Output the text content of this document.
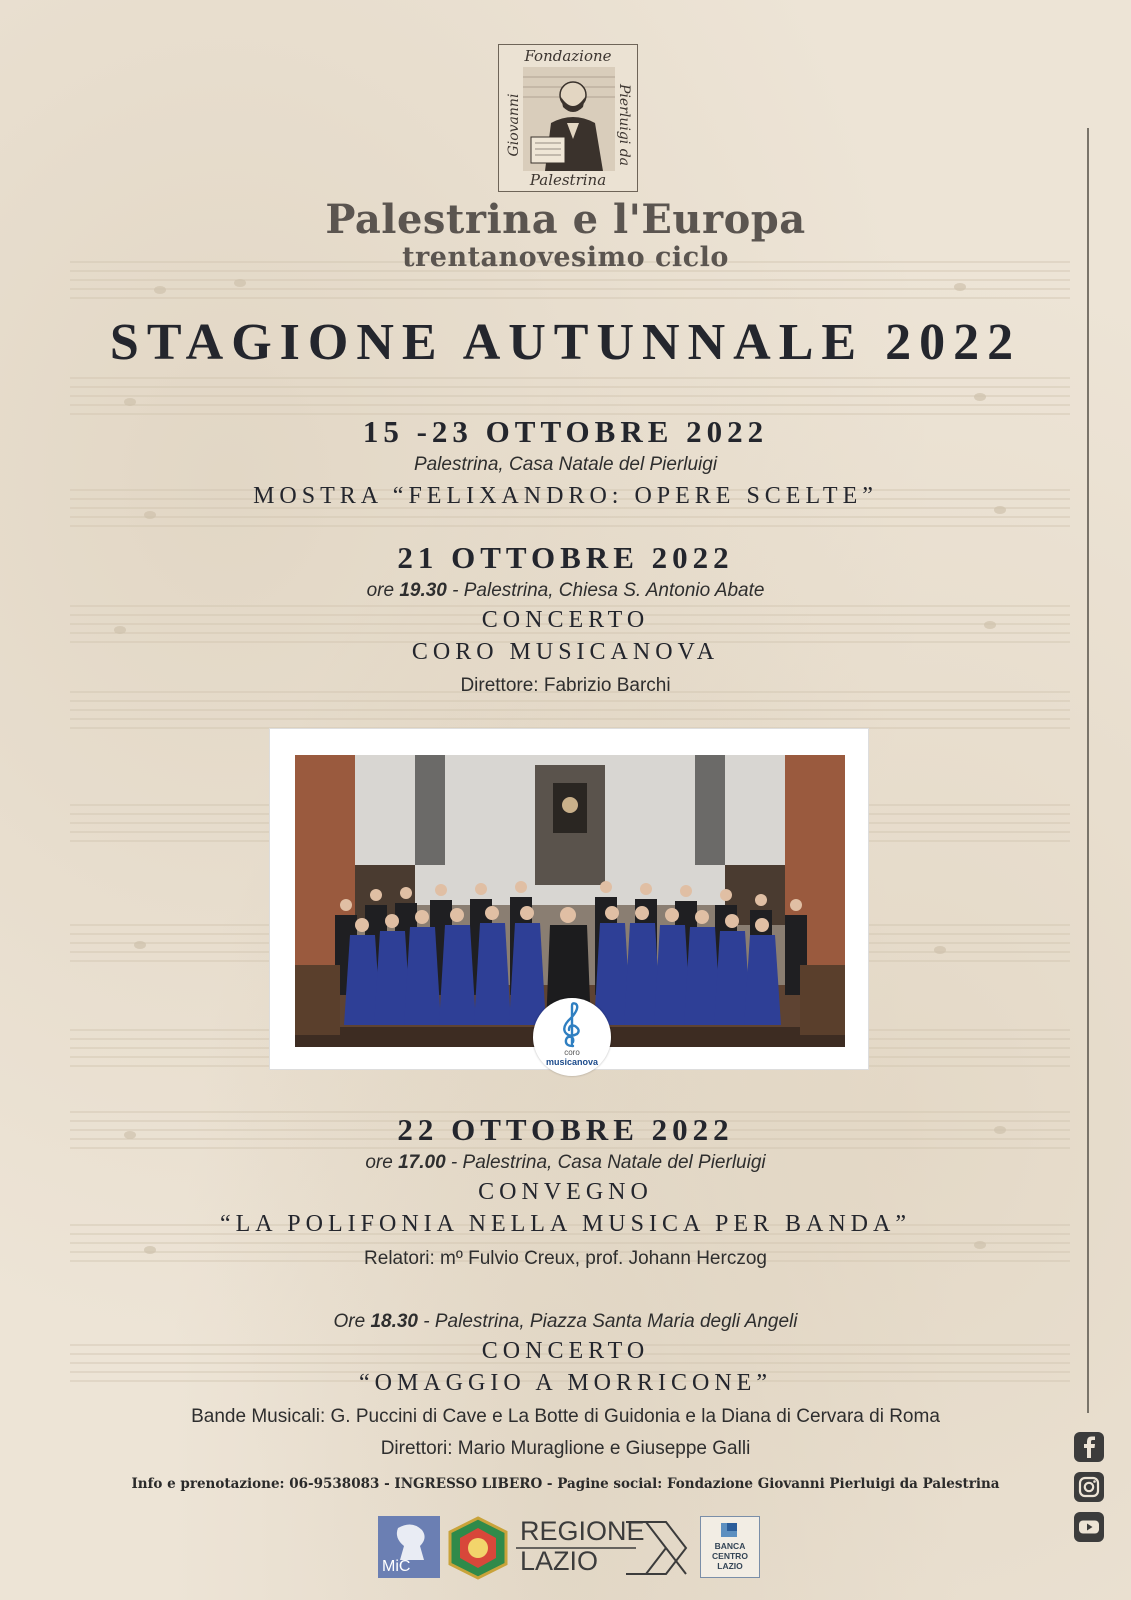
Fondazione
Giovanni	Pierluigi da
Palestrina
Palestrina e l'Europa
trentanovesimo ciclo
STAGIONE AUTUNNALE 2022
15 -23 OTTOBRE 2022
Palestrina, Casa Natale del Pierluigi
MOSTRA “FELIXANDRO: OPERE SCELTE”
21 OTTOBRE 2022
ore 19.30 - Palestrina, Chiesa S. Antonio Abate
CONCERTO
CORO MUSICANOVA
Direttore: Fabrizio Barchi
coro
musicanova
22 OTTOBRE 2022
ore 17.00 - Palestrina, Casa Natale del Pierluigi
CONVEGNO
“LA POLIFONIA NELLA MUSICA PER BANDA”
Relatori: mº Fulvio Creux, prof. Johann Herczog
Ore 18.30 - Palestrina, Piazza Santa Maria degli Angeli
CONCERTO
“OMAGGIO A MORRICONE”
Bande Musicali: G. Puccini di Cave e La Botte di Guidonia e la Diana di Cervara di Roma
Direttori: Mario Muraglione e Giuseppe Galli
Info e prenotazione: 06-9538083 - INGRESSO LIBERO - Pagine social: Fondazione Giovanni Pierluigi da Palestrina
MiC
REGIONE
LAZIO	BANCA
CENTRO
LAZIO
